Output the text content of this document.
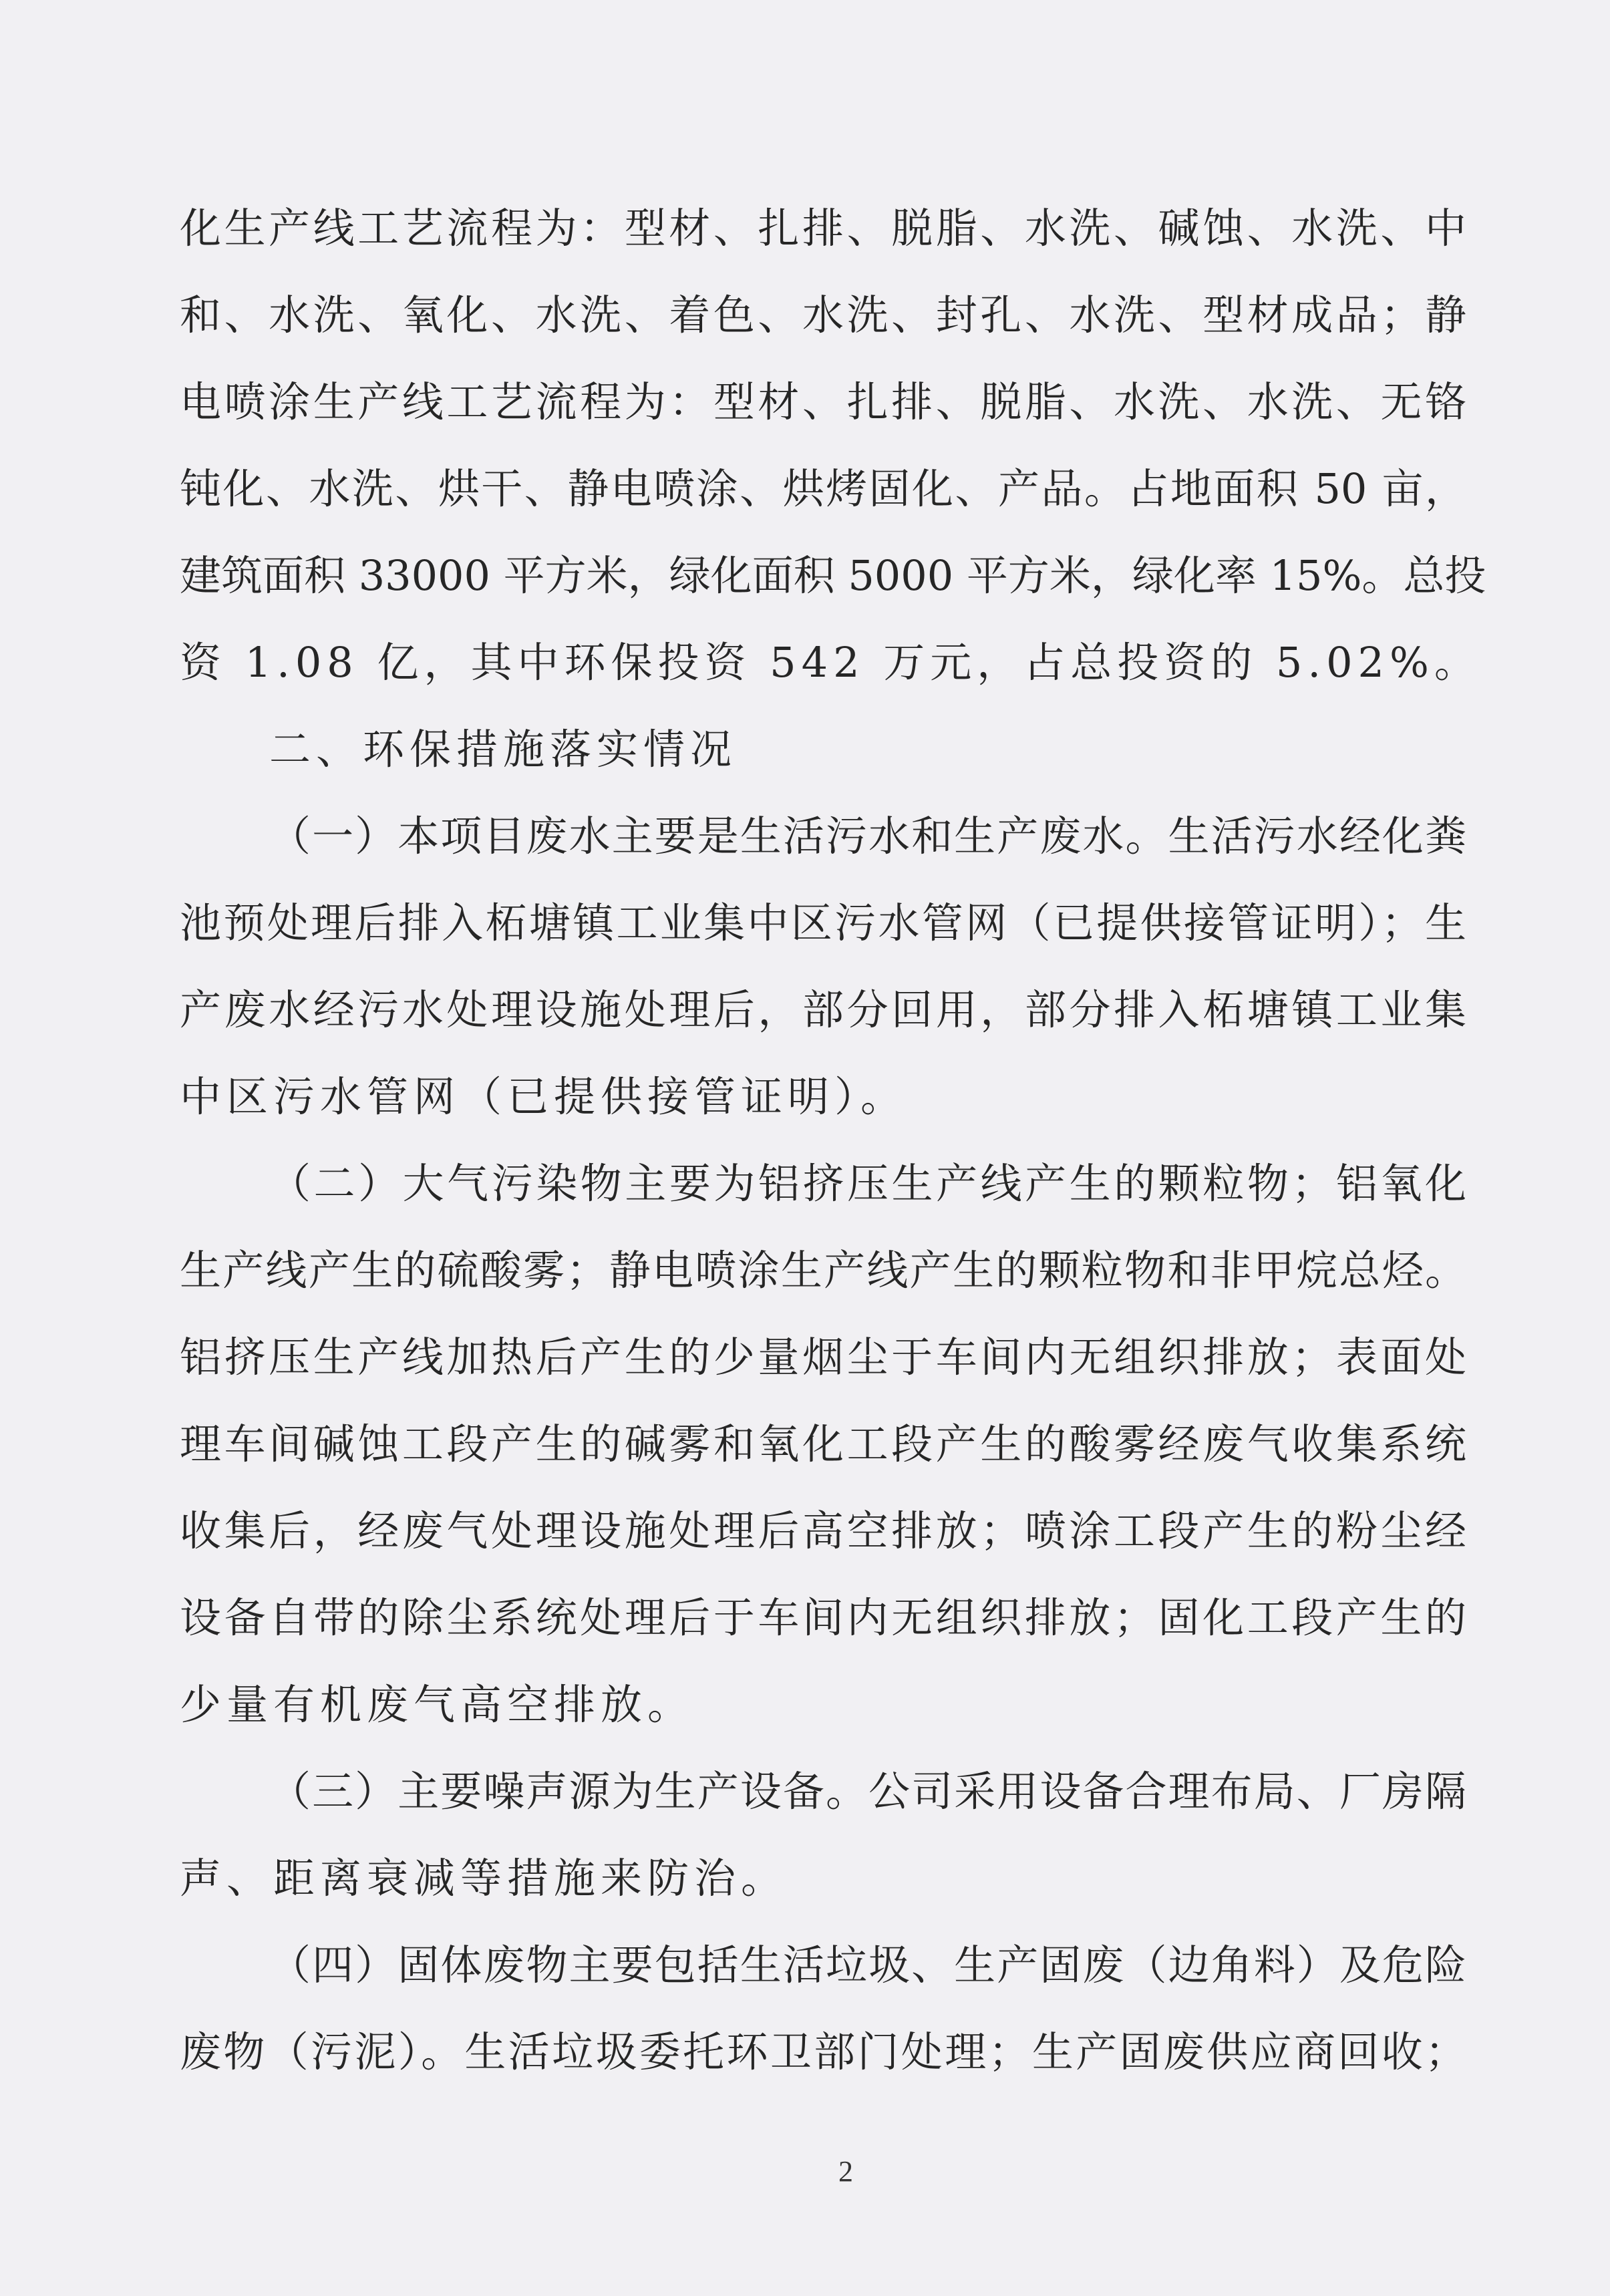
化生产线工艺流程为：型材、扎排、脱脂、水洗、碱蚀、水洗、中
和、水洗、氧化、水洗、着色、水洗、封孔、水洗、型材成品；静
电喷涂生产线工艺流程为：型材、扎排、脱脂、水洗、水洗、无铬
钝化、水洗、烘干、静电喷涂、烘烤固化、产品。占地面积 50 亩，
建筑面积 33000 平方米，绿化面积 5000 平方米，绿化率 15%。总投
资 1.08 亿，其中环保投资 542 万元，占总投资的 5.02%。
二、环保措施落实情况
（一）本项目废水主要是生活污水和生产废水。生活污水经化粪
池预处理后排入柘塘镇工业集中区污水管网（已提供接管证明）；生
产废水经污水处理设施处理后，部分回用，部分排入柘塘镇工业集
中区污水管网（已提供接管证明）。
（二）大气污染物主要为铝挤压生产线产生的颗粒物；铝氧化
生产线产生的硫酸雾；静电喷涂生产线产生的颗粒物和非甲烷总烃。
铝挤压生产线加热后产生的少量烟尘于车间内无组织排放；表面处
理车间碱蚀工段产生的碱雾和氧化工段产生的酸雾经废气收集系统
收集后，经废气处理设施处理后高空排放；喷涂工段产生的粉尘经
设备自带的除尘系统处理后于车间内无组织排放；固化工段产生的
少量有机废气高空排放。
（三）主要噪声源为生产设备。公司采用设备合理布局、厂房隔
声、距离衰减等措施来防治。
（四）固体废物主要包括生活垃圾、生产固废（边角料）及危险
废物（污泥）。生活垃圾委托环卫部门处理；生产固废供应商回收；
2
